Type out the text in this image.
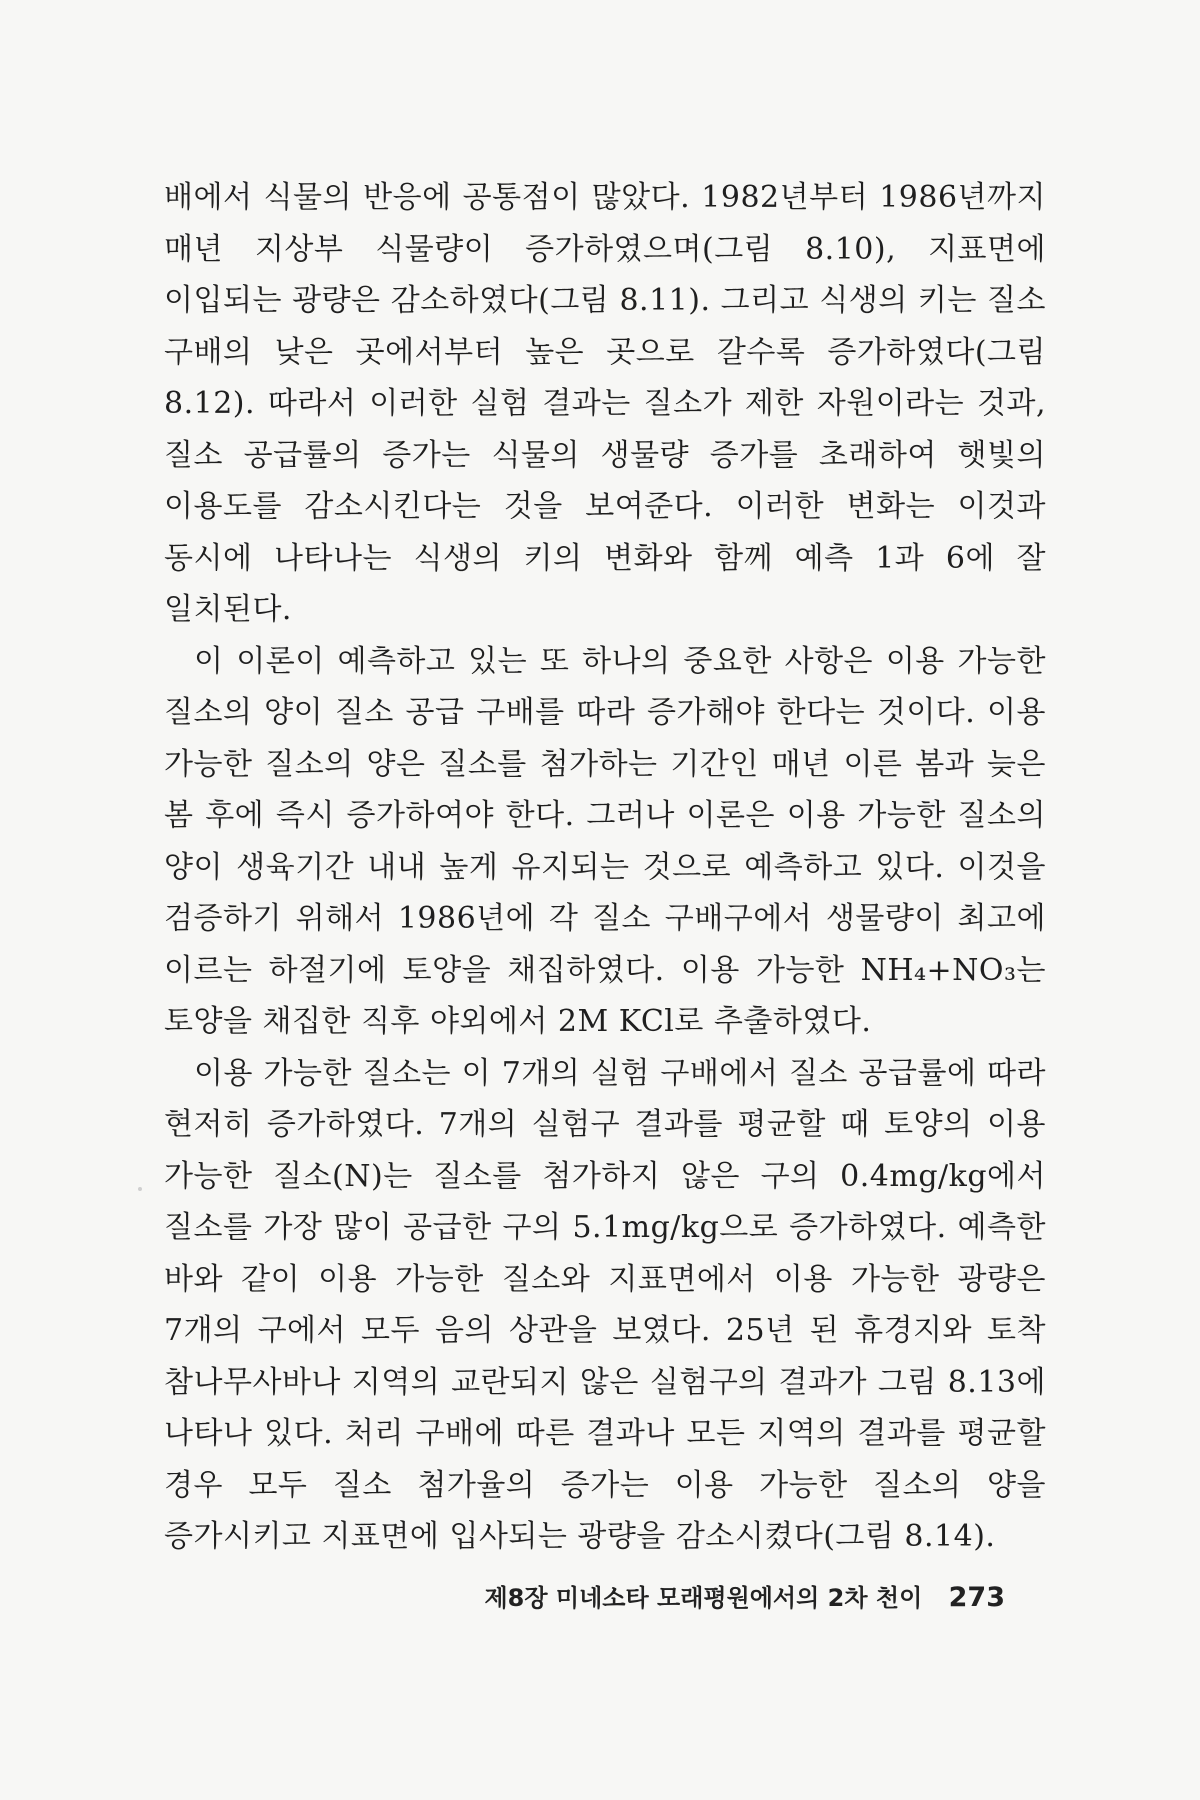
배에서 식물의 반응에 공통점이 많았다. 1982년부터 1986년까지 매년 지상부 식물량이 증가하였으며(그림 8.10), 지표면에 이입되는 광량은 감소하였다(그림 8.11). 그리고 식생의 키는 질소 구배의 낮은 곳에서부터 높은 곳으로 갈수록 증가하였다(그림 8.12). 따라서 이러한 실험 결과는 질소가 제한 자원이라는 것과, 질소 공급률의 증가는 식물의 생물량 증가를 초래하여 햇빛의 이용도를 감소시킨다는 것을 보여준다. 이러한 변화는 이것과 동시에 나타나는 식생의 키의 변화와 함께 예측 1과 6에 잘 일치된다.

이 이론이 예측하고 있는 또 하나의 중요한 사항은 이용 가능한 질소의 양이 질소 공급 구배를 따라 증가해야 한다는 것이다. 이용 가능한 질소의 양은 질소를 첨가하는 기간인 매년 이른 봄과 늦은 봄 후에 즉시 증가하여야 한다. 그러나 이론은 이용 가능한 질소의 양이 생육기간 내내 높게 유지되는 것으로 예측하고 있다. 이것을 검증하기 위해서 1986년에 각 질소 구배구에서 생물량이 최고에 이르는 하절기에 토양을 채집하였다. 이용 가능한 NH₄+NO₃는 토양을 채집한 직후 야외에서 2M KCl로 추출하였다.

이용 가능한 질소는 이 7개의 실험 구배에서 질소 공급률에 따라 현저히 증가하였다. 7개의 실험구 결과를 평균할 때 토양의 이용 가능한 질소(N)는 질소를 첨가하지 않은 구의 0.4mg/kg에서 질소를 가장 많이 공급한 구의 5.1mg/kg으로 증가하였다. 예측한 바와 같이 이용 가능한 질소와 지표면에서 이용 가능한 광량은 7개의 구에서 모두 음의 상관을 보였다. 25년 된 휴경지와 토착 참나무사바나 지역의 교란되지 않은 실험구의 결과가 그림 8.13에 나타나 있다. 처리 구배에 따른 결과나 모든 지역의 결과를 평균할 경우 모두 질소 첨가율의 증가는 이용 가능한 질소의 양을 증가시키고 지표면에 입사되는 광량을 감소시켰다(그림 8.14).

제8장 미네소타 모래평원에서의 2차 천이 273
